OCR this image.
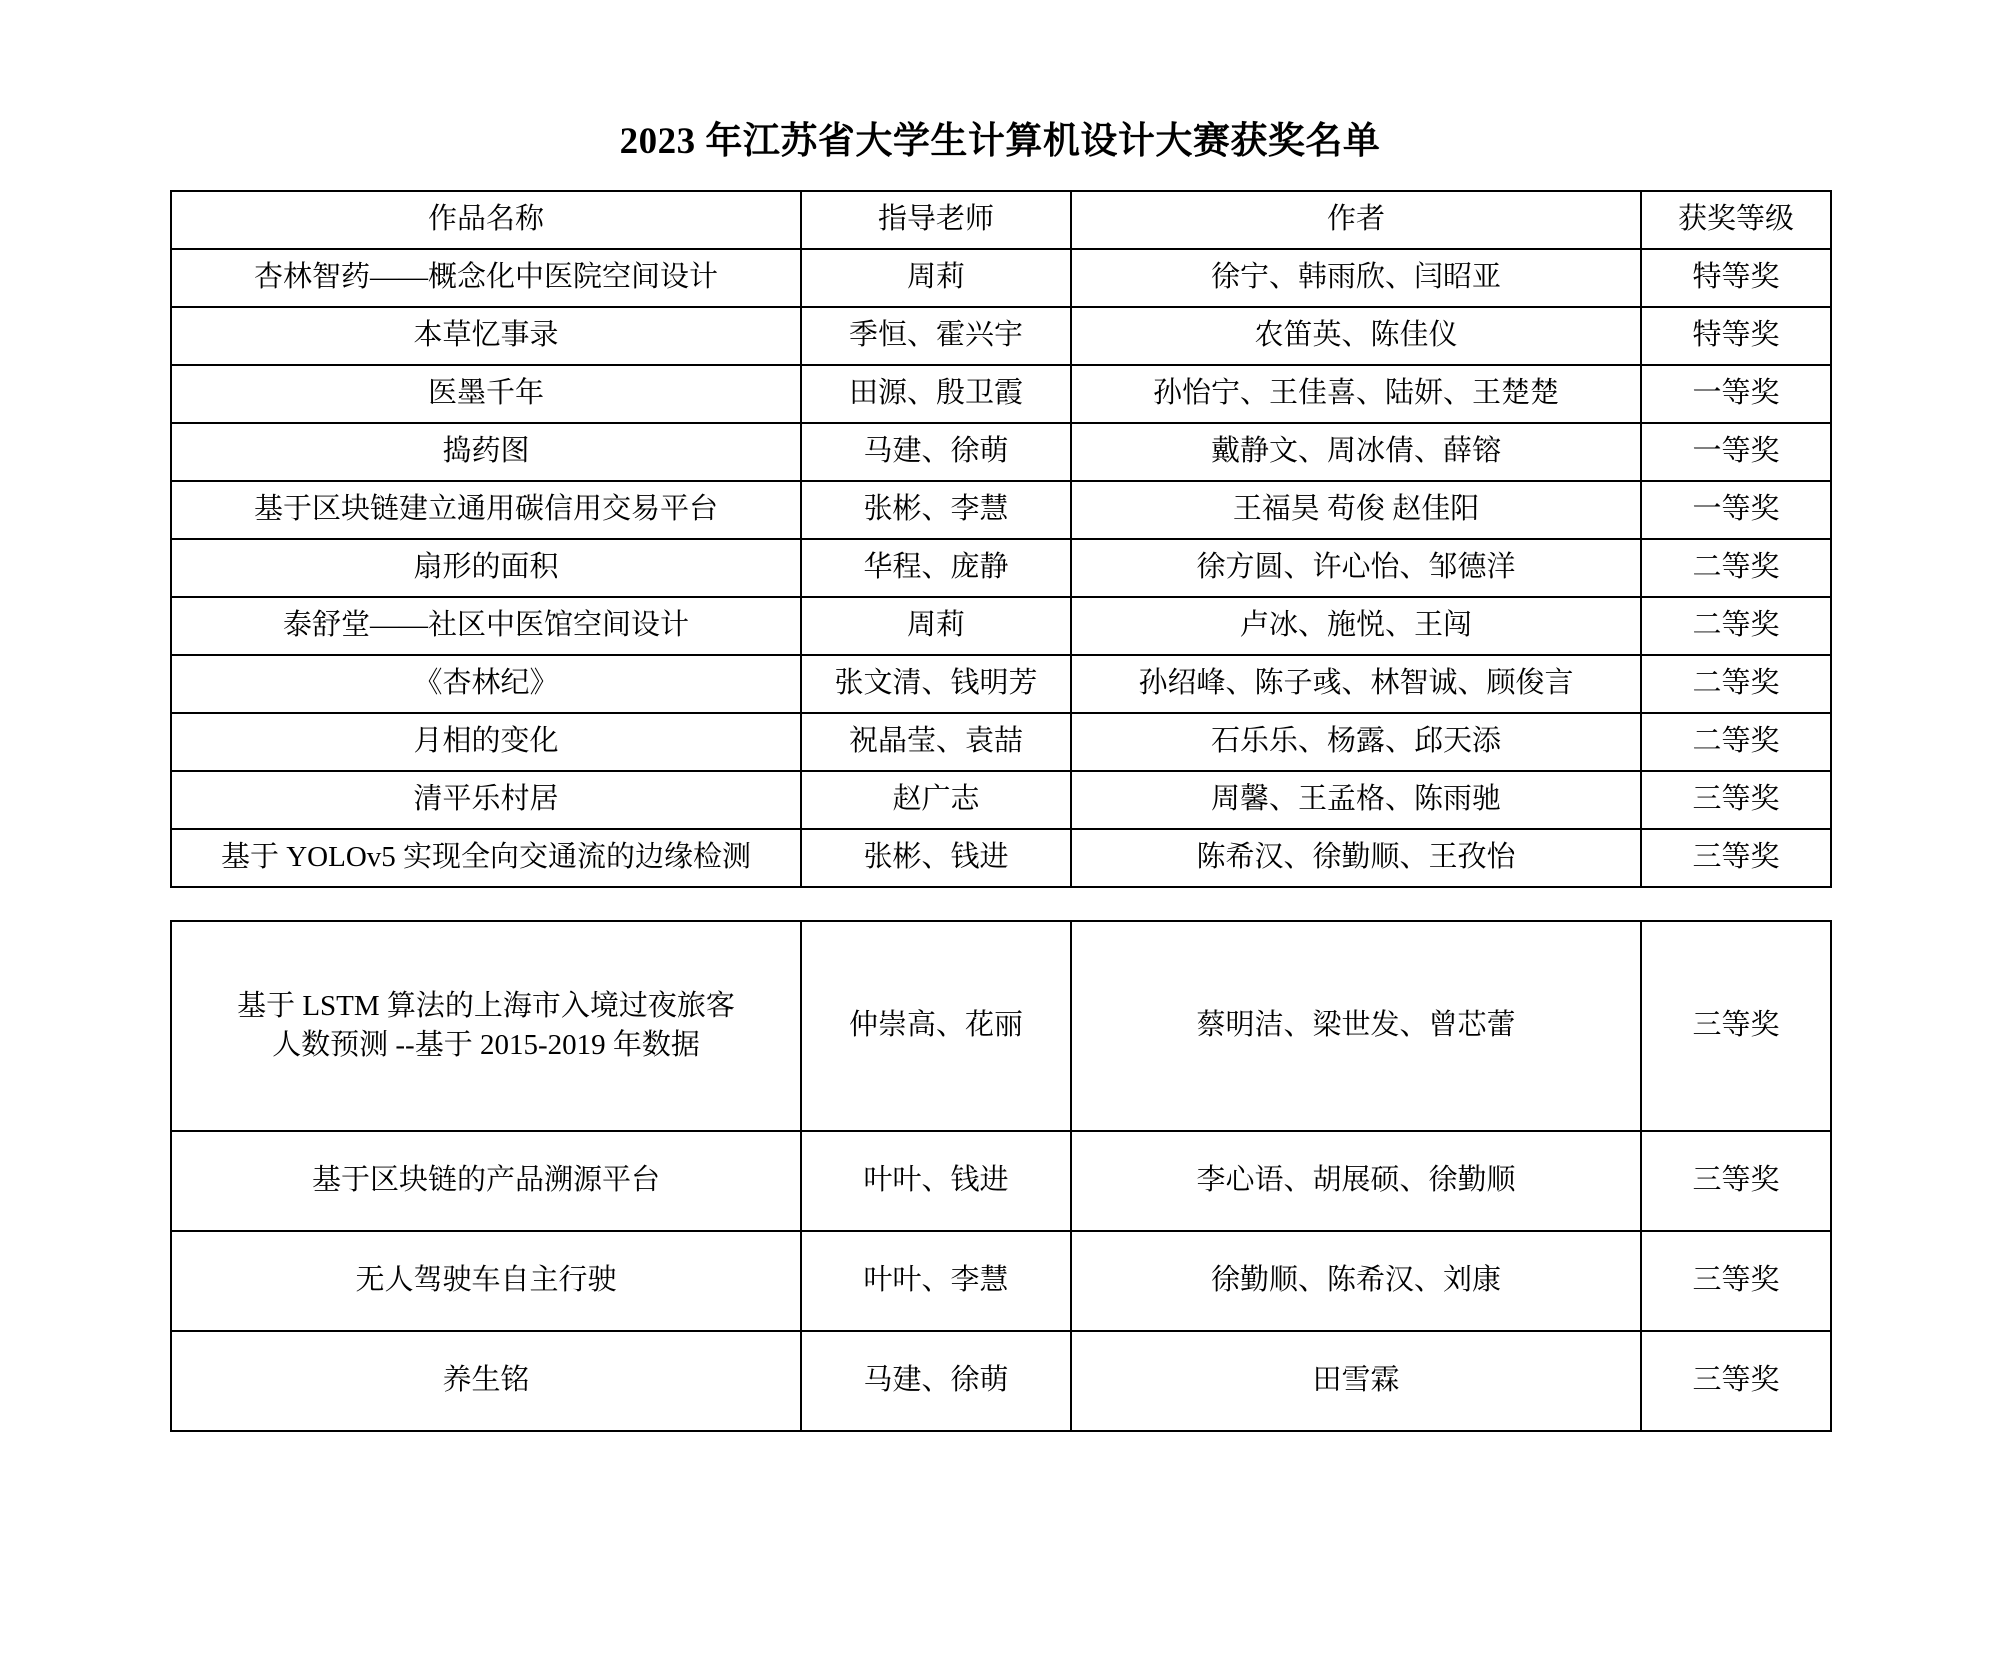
2023 年江苏省大学生计算机设计大赛获奖名单
作品名称	指导老师	作者	获奖等级
杏林智药——概念化中医院空间设计	周莉	徐宁、韩雨欣、闫昭亚	特等奖
本草忆事录	季恒、霍兴宇	农笛英、陈佳仪	特等奖
医墨千年	田源、殷卫霞	孙怡宁、王佳喜、陆妍、王楚楚	一等奖
捣药图	马建、徐萌	戴静文、周冰倩、薛镕	一等奖
基于区块链建立通用碳信用交易平台	张彬、李慧	王福昊 苟俊 赵佳阳	一等奖
扇形的面积	华程、庞静	徐方圆、许心怡、邹德洋	二等奖
泰舒堂——社区中医馆空间设计	周莉	卢冰、施悦、王闯	二等奖
《杏林纪》	张文清、钱明芳	孙绍峰、陈子彧、林智诚、顾俊言	二等奖
月相的变化	祝晶莹、袁喆	石乐乐、杨露、邱天添	二等奖
清平乐村居	赵广志	周馨、王孟格、陈雨驰	三等奖
基于 YOLOv5 实现全向交通流的边缘检测	张彬、钱进	陈希汉、徐勤顺、王孜怡	三等奖
基于 LSTM 算法的上海市入境过夜旅客
人数预测 --基于 2015-2019 年数据	仲崇高、花丽	蔡明洁、梁世发、曾芯蕾	三等奖
基于区块链的产品溯源平台	叶叶、钱进	李心语、胡展硕、徐勤顺	三等奖
无人驾驶车自主行驶	叶叶、李慧	徐勤顺、陈希汉、刘康	三等奖
养生铭	马建、徐萌	田雪霖	三等奖
